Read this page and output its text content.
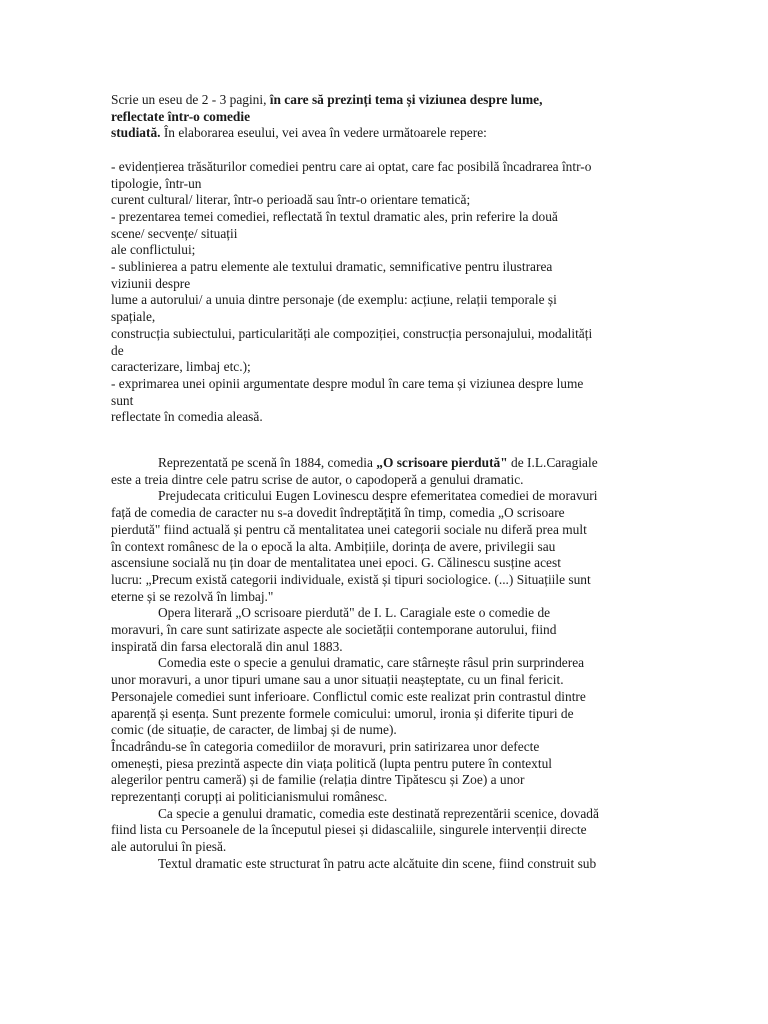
Scrie un eseu de 2 - 3 pagini, în care să prezinți tema și viziunea despre lume,
reflectate într-o comedie
studiată. În elaborarea eseului, vei avea în vedere următoarele repere:

- evidențierea trăsăturilor comediei pentru care ai optat, care fac posibilă încadrarea într-o
tipologie, într-un
curent cultural/ literar, într-o perioadă sau într-o orientare tematică;
- prezentarea temei comediei, reflectată în textul dramatic ales, prin referire la două
scene/ secvențe/ situații
ale conflictului;
- sublinierea a patru elemente ale textului dramatic, semnificative pentru ilustrarea
viziunii despre
lume a autorului/ a unuia dintre personaje (de exemplu: acțiune, relații temporale și
spațiale,
construcția subiectului, particularități ale compoziției, construcția personajului, modalități
de
caracterizare, limbaj etc.);
- exprimarea unei opinii argumentate despre modul în care tema și viziunea despre lume
sunt
reflectate în comedia aleasă.
Reprezentată pe scenă în 1884, comedia „O scrisoare pierdută" de I.L.Caragiale
este a treia dintre cele patru scrise de autor, o capodoperă a genului dramatic.
Prejudecata criticului Eugen Lovinescu despre efemeritatea comediei de moravuri
față de comedia de caracter nu s-a dovedit îndreptățită în timp, comedia „O scrisoare
pierdută" fiind actuală și pentru că mentalitatea unei categorii sociale nu diferă prea mult
în context românesc de la o epocă la alta. Ambițiile, dorința de avere, privilegii sau
ascensiune socială nu țin doar de mentalitatea unei epoci. G. Călinescu susține acest
lucru: „Precum există categorii individuale, există și tipuri sociologice. (...) Situațiile sunt
eterne și se rezolvă în limbaj."
Opera literară „O scrisoare pierdută" de I. L. Caragiale este o comedie de
moravuri, în care sunt satirizate aspecte ale societății contemporane autorului, fiind
inspirată din farsa electorală din anul 1883.
Comedia este o specie a genului dramatic, care stârnește râsul prin surprinderea
unor moravuri, a unor tipuri umane sau a unor situații neașteptate, cu un final fericit.
Personajele comediei sunt inferioare. Conflictul comic este realizat prin contrastul dintre
aparență și esența. Sunt prezente formele comicului: umorul, ironia și diferite tipuri de
comic (de situație, de caracter, de limbaj și de nume).
Încadrându-se în categoria comediilor de moravuri, prin satirizarea unor defecte
omenești, piesa prezintă aspecte din viața politică (lupta pentru putere în contextul
alegerilor pentru cameră) și de familie (relația dintre Tipătescu și Zoe) a unor
reprezentanți corupți ai politicianismului românesc.
Ca specie a genului dramatic, comedia este destinată reprezentării scenice, dovadă
fiind lista cu Persoanele de la începutul piesei și didascaliile, singurele intervenții directe
ale autorului în piesă.
Textul dramatic este structurat în patru acte alcătuite din scene, fiind construit sub
